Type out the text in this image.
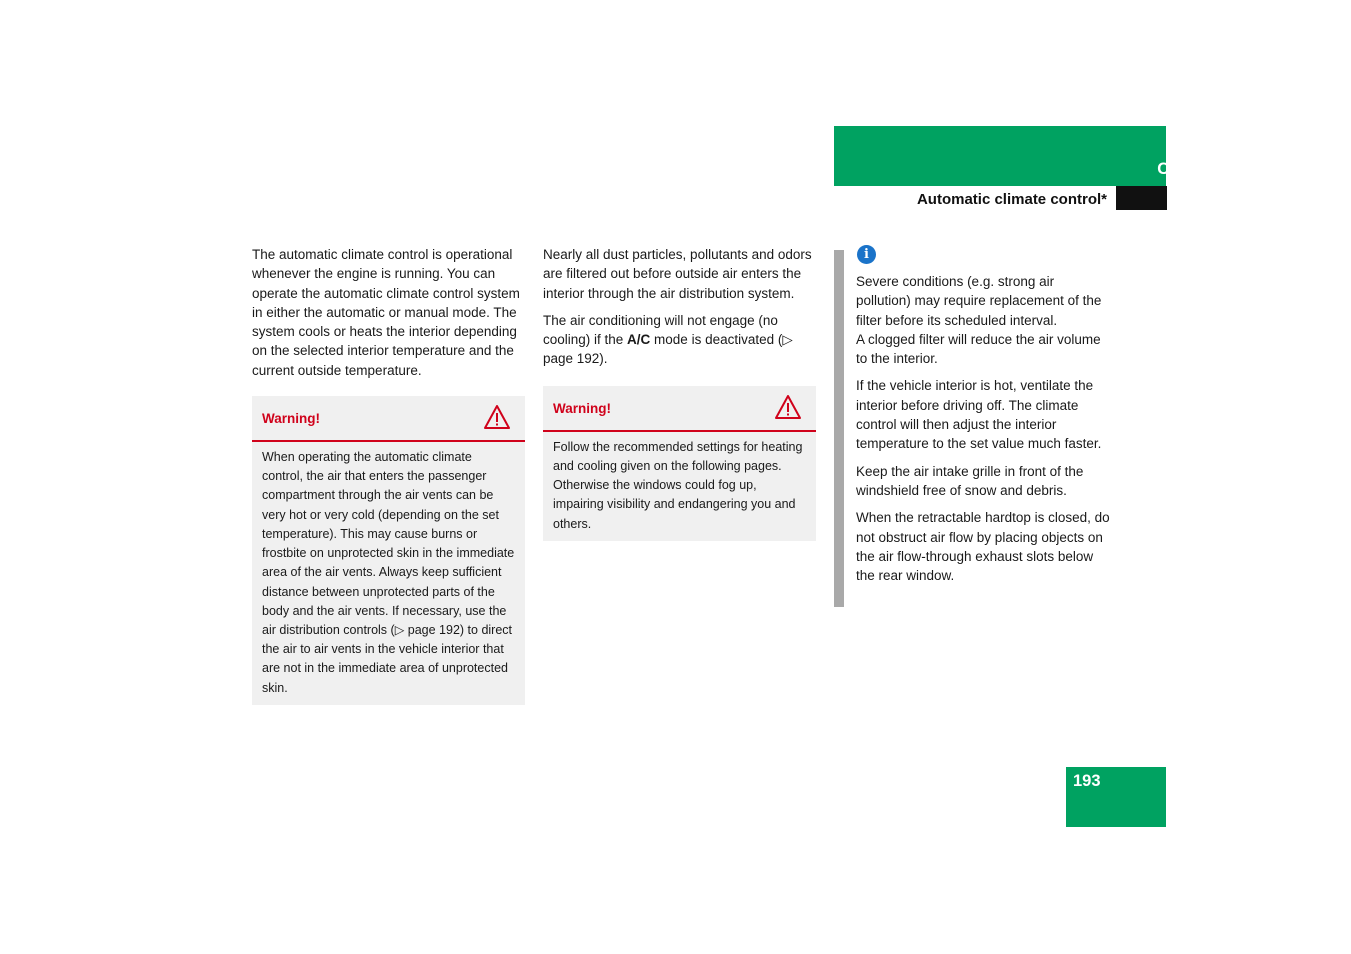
Controls in detail
Automatic climate control*

The automatic climate control is operational whenever the engine is running. You can operate the automatic climate control system in either the automatic or manual mode. The system cools or heats the interior depending on the selected interior temperature and the current outside temperature.

Warning!
When operating the automatic climate control, the air that enters the passenger compartment through the air vents can be very hot or very cold (depending on the set temperature). This may cause burns or frostbite on unprotected skin in the immediate area of the air vents. Always keep sufficient distance between unprotected parts of the body and the air vents. If necessary, use the air distribution controls (▷ page 192) to direct the air to air vents in the vehicle interior that are not in the immediate area of unprotected skin.

Nearly all dust particles, pollutants and odors are filtered out before outside air enters the interior through the air distribution system.

The air conditioning will not engage (no cooling) if the A/C mode is deactivated (▷ page 192).

Warning!
Follow the recommended settings for heating and cooling given on the following pages. Otherwise the windows could fog up, impairing visibility and endangering you and others.
i

Severe conditions (e.g. strong air pollution) may require replacement of the filter before its scheduled interval.

A clogged filter will reduce the air volume to the interior.

If the vehicle interior is hot, ventilate the interior before driving off. The climate control will then adjust the interior temperature to the set value much faster.

Keep the air intake grille in front of the windshield free of snow and debris.

When the retractable hardtop is closed, do not obstruct air flow by placing objects on the air flow-through exhaust slots below the rear window.

193
